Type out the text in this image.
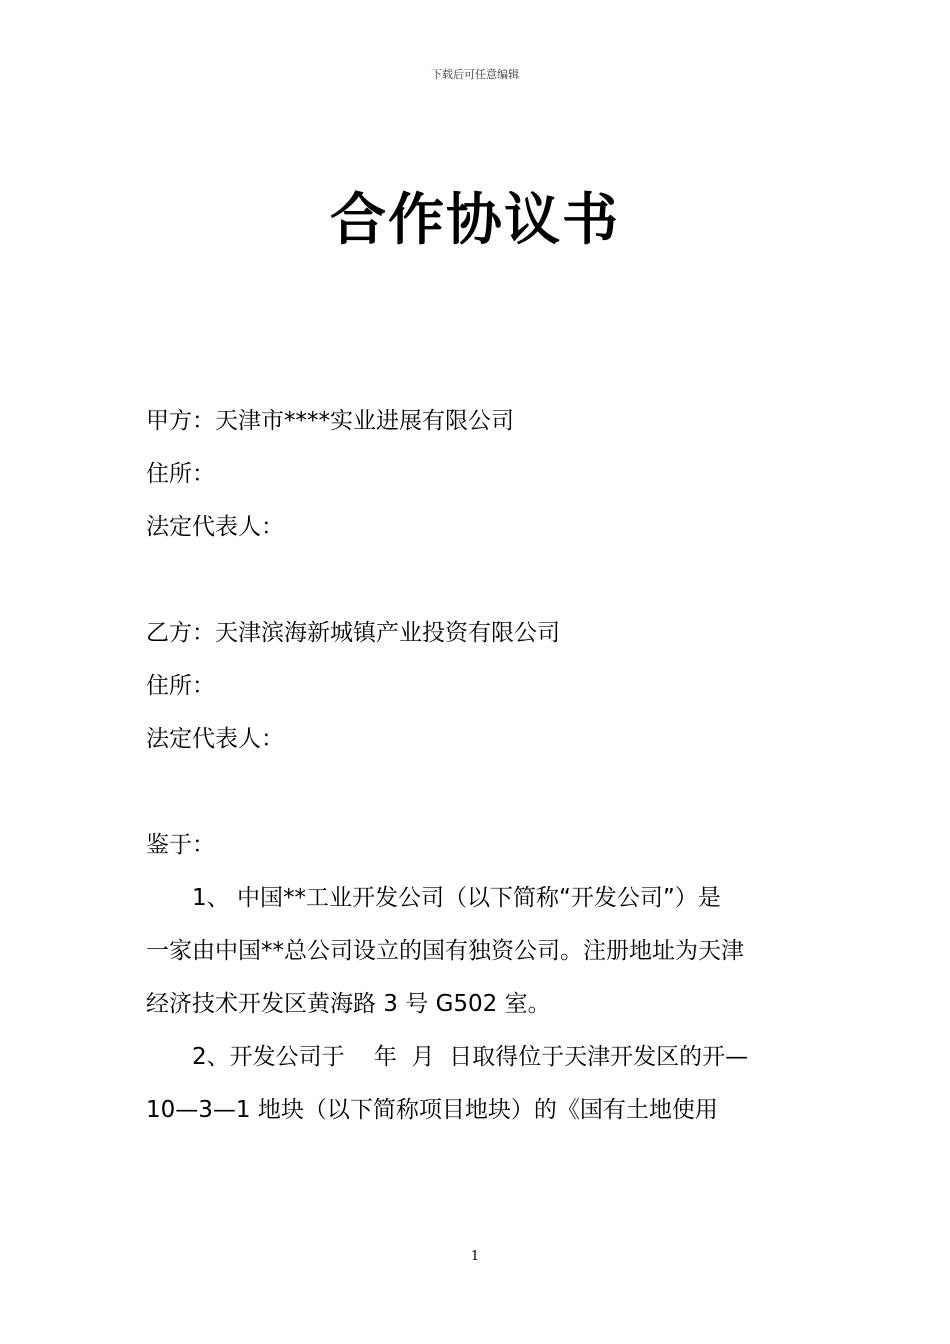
下载后可任意编辑
合作协议书
甲方：天津市****实业进展有限公司
住所：
法定代表人：
乙方：天津滨海新城镇产业投资有限公司
住所：
法定代表人：
鉴于：
1、 中国**工业开发公司（以下简称“开发公司”）是
一家由中国**总公司设立的国有独资公司。注册地址为天津
经济技术开发区黄海路 3 号 G502 室。
2、开发公司于    年  月  日取得位于天津开发区的开—
10—3—1 地块（以下简称项目地块）的《国有土地使用
1
